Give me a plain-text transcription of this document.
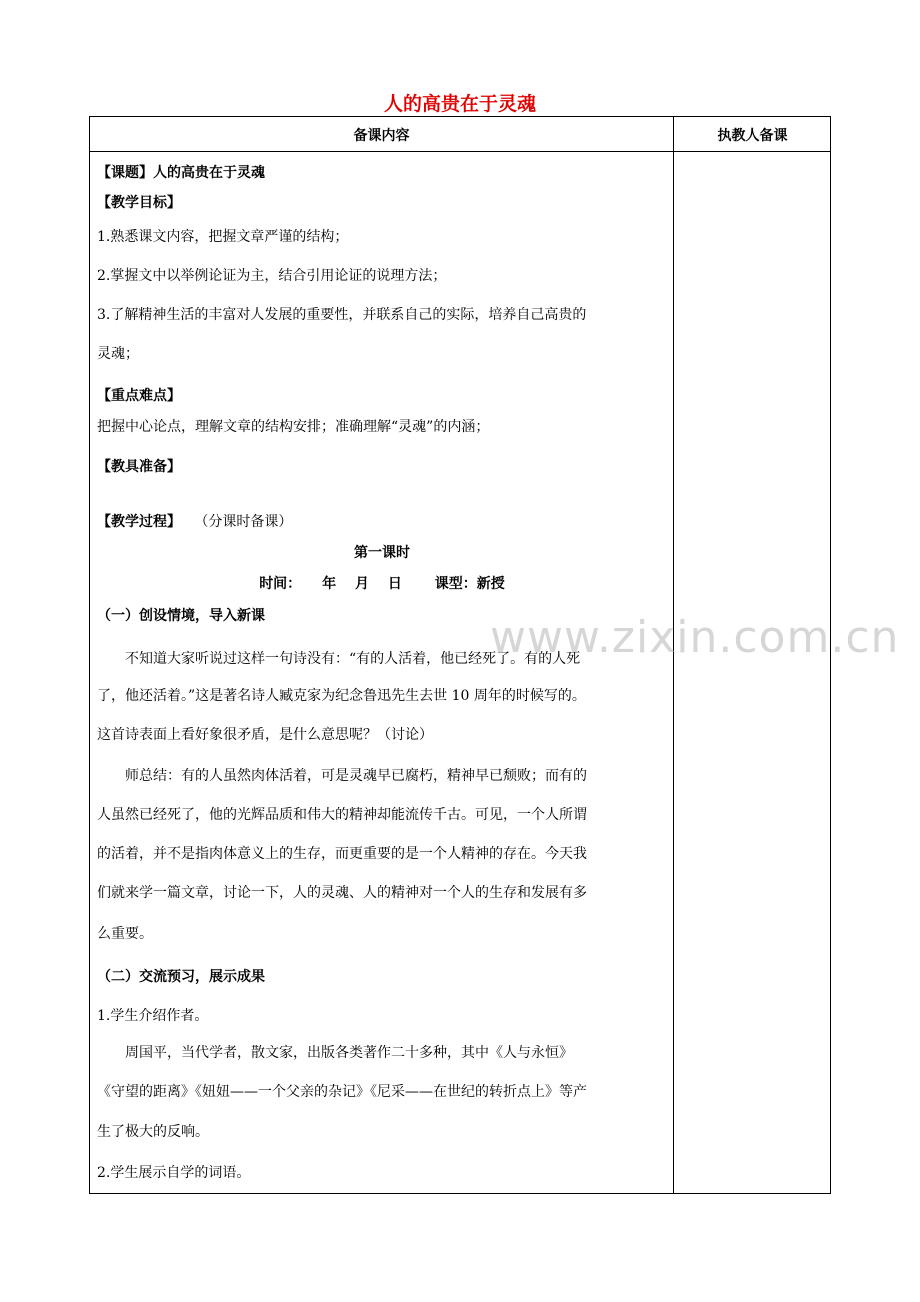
人的高贵在于灵魂
备课内容	执教人备课
【课题】人的高贵在于灵魂
【教学目标】
1.熟悉课文内容，把握文章严谨的结构；
2.掌握文中以举例论证为主，结合引用论证的说理方法；
3.了解精神生活的丰富对人发展的重要性，并联系自己的实际，培养自己高贵的
灵魂；
【重点难点】
把握中心论点，理解文章的结构安排；准确理解“灵魂”的内涵；
【教具准备】
【教学过程】 （分课时备课）
第一课时
时间：　　年　 月　 日　　 课型：新授
（一）创设情境，导入新课
不知道大家听说过这样一句诗没有：“有的人活着，他已经死了。有的人死
了，他还活着。”这是著名诗人臧克家为纪念鲁迅先生去世 10 周年的时候写的。
这首诗表面上看好象很矛盾，是什么意思呢？（讨论）
师总结：有的人虽然肉体活着，可是灵魂早已腐朽，精神早已颓败；而有的
人虽然已经死了，他的光辉品质和伟大的精神却能流传千古。可见，一个人所谓
的活着，并不是指肉体意义上的生存，而更重要的是一个人精神的存在。今天我
们就来学一篇文章，讨论一下，人的灵魂、人的精神对一个人的生存和发展有多
么重要。
（二）交流预习，展示成果
1.学生介绍作者。
周国平，当代学者，散文家，出版各类著作二十多种，其中《人与永恒》
《守望的距离》《妞妞——一个父亲的杂记》《尼采——在世纪的转折点上》等产
生了极大的反响。
2.学生展示自学的词语。
www.zixin.com.cn
